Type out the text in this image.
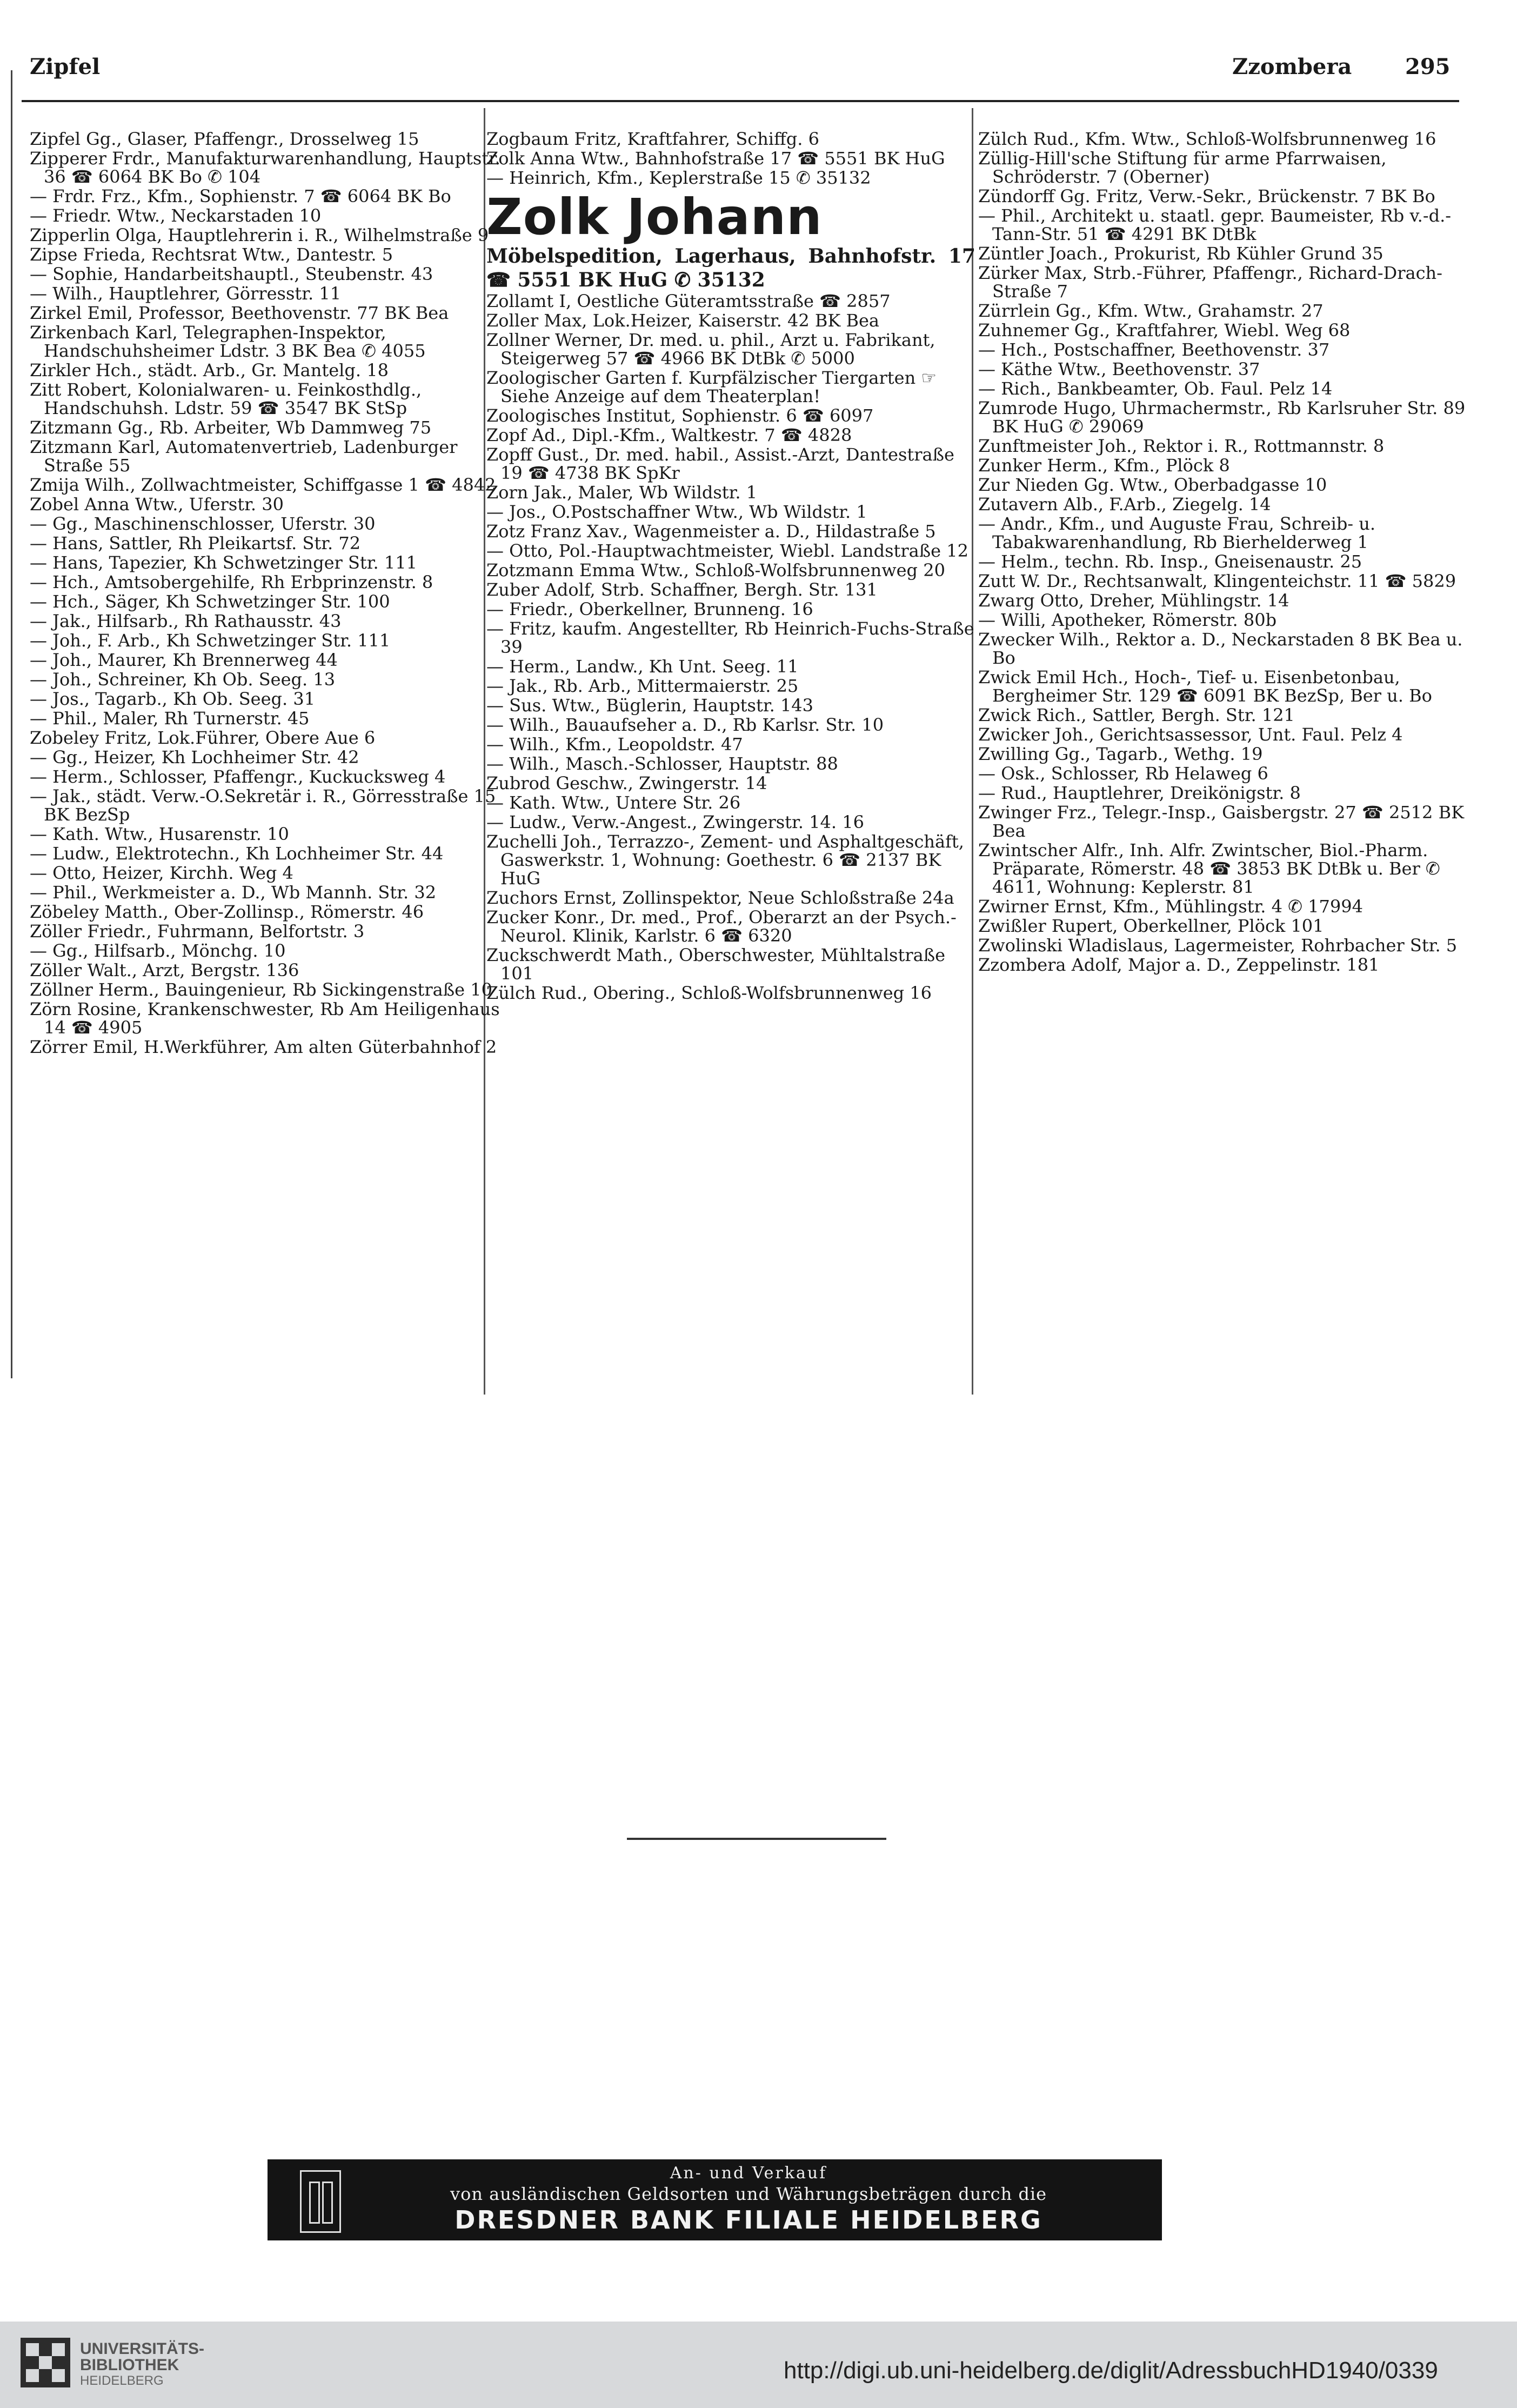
Zipfel	Zzombera 295
Zipfel Gg., Glaser, Pfaffengr., Drosselweg 15
Zipperer Frdr., Manufakturwarenhandlung, Hauptstr. 36 ☎ 6064 BK Bo ✆ 104
— Frdr. Frz., Kfm., Sophienstr. 7 ☎ 6064 BK Bo
— Friedr. Wtw., Neckarstaden 10
Zipperlin Olga, Hauptlehrerin i. R., Wilhelmstraße 9
Zipse Frieda, Rechtsrat Wtw., Dantestr. 5
— Sophie, Handarbeitshauptl., Steubenstr. 43
— Wilh., Hauptlehrer, Görresstr. 11
Zirkel Emil, Professor, Beethovenstr. 77 BK Bea
Zirkenbach Karl, Telegraphen-Inspektor, Handschuhsheimer Ldstr. 3 BK Bea ✆ 4055
Zirkler Hch., städt. Arb., Gr. Mantelg. 18
Zitt Robert, Kolonialwaren- u. Feinkosthdlg., Handschuhsh. Ldstr. 59 ☎ 3547 BK StSp
Zitzmann Gg., Rb. Arbeiter, Wb Dammweg 75
Zitzmann Karl, Automatenvertrieb, Ladenburger Straße 55
Zmija Wilh., Zollwachtmeister, Schiffgasse 1 ☎ 4842
Zobel Anna Wtw., Uferstr. 30
— Gg., Maschinenschlosser, Uferstr. 30
— Hans, Sattler, Rh Pleikartsf. Str. 72
— Hans, Tapezier, Kh Schwetzinger Str. 111
— Hch., Amtsobergehilfe, Rh Erbprinzenstr. 8
— Hch., Säger, Kh Schwetzinger Str. 100
— Jak., Hilfsarb., Rh Rathausstr. 43
— Joh., F. Arb., Kh Schwetzinger Str. 111
— Joh., Maurer, Kh Brennerweg 44
— Joh., Schreiner, Kh Ob. Seeg. 13
— Jos., Tagarb., Kh Ob. Seeg. 31
— Phil., Maler, Rh Turnerstr. 45
Zobeley Fritz, Lok.Führer, Obere Aue 6
— Gg., Heizer, Kh Lochheimer Str. 42
— Herm., Schlosser, Pfaffengr., Kuckucksweg 4
— Jak., städt. Verw.-O.Sekretär i. R., Görresstraße 15 BK BezSp
— Kath. Wtw., Husarenstr. 10
— Ludw., Elektrotechn., Kh Lochheimer Str. 44
— Otto, Heizer, Kirchh. Weg 4
— Phil., Werkmeister a. D., Wb Mannh. Str. 32
Zöbeley Matth., Ober-Zollinsp., Römerstr. 46
Zöller Friedr., Fuhrmann, Belfortstr. 3
— Gg., Hilfsarb., Mönchg. 10
Zöller Walt., Arzt, Bergstr. 136
Zöllner Herm., Bauingenieur, Rb Sickingenstraße 10
Zörn Rosine, Krankenschwester, Rb Am Heiligenhaus 14 ☎ 4905
Zörrer Emil, H.Werkführer, Am alten Güterbahnhof 2
Zogbaum Fritz, Kraftfahrer, Schiffg. 6
Zolk Anna Wtw., Bahnhofstraße 17 ☎ 5551 BK HuG
— Heinrich, Kfm., Keplerstraße 15 ✆ 35132
Zolk Johann
Möbelspedition, Lagerhaus, Bahnhofstr. 17 ☎ 5551 BK HuG ✆ 35132
Zollamt I, Oestliche Güteramtsstraße ☎ 2857
Zoller Max, Lok.Heizer, Kaiserstr. 42 BK Bea
Zollner Werner, Dr. med. u. phil., Arzt u. Fabrikant, Steigerweg 57 ☎ 4966 BK DtBk ✆ 5000
Zoologischer Garten f. Kurpfälzischer Tiergarten ☞ Siehe Anzeige auf dem Theaterplan!
Zoologisches Institut, Sophienstr. 6 ☎ 6097
Zopf Ad., Dipl.-Kfm., Waltkestr. 7 ☎ 4828
Zopff Gust., Dr. med. habil., Assist.-Arzt, Dantestraße 19 ☎ 4738 BK SpKr
Zorn Jak., Maler, Wb Wildstr. 1
— Jos., O.Postschaffner Wtw., Wb Wildstr. 1
Zotz Franz Xav., Wagenmeister a. D., Hildastraße 5
— Otto, Pol.-Hauptwachtmeister, Wiebl. Landstraße 12
Zotzmann Emma Wtw., Schloß-Wolfsbrunnenweg 20
Zuber Adolf, Strb. Schaffner, Bergh. Str. 131
— Friedr., Oberkellner, Brunneng. 16
— Fritz, kaufm. Angestellter, Rb Heinrich-Fuchs-Straße 39
— Herm., Landw., Kh Unt. Seeg. 11
— Jak., Rb. Arb., Mittermaierstr. 25
— Sus. Wtw., Büglerin, Hauptstr. 143
— Wilh., Bauaufseher a. D., Rb Karlsr. Str. 10
— Wilh., Kfm., Leopoldstr. 47
— Wilh., Masch.-Schlosser, Hauptstr. 88
Zubrod Geschw., Zwingerstr. 14
— Kath. Wtw., Untere Str. 26
— Ludw., Verw.-Angest., Zwingerstr. 14. 16
Zuchelli Joh., Terrazzo-, Zement- und Asphaltgeschäft, Gaswerkstr. 1, Wohnung: Goethestr. 6 ☎ 2137 BK HuG
Zuchors Ernst, Zollinspektor, Neue Schloßstraße 24a
Zucker Konr., Dr. med., Prof., Oberarzt an der Psych.-Neurol. Klinik, Karlstr. 6 ☎ 6320
Zuckschwerdt Math., Oberschwester, Mühltalstraße 101
Zülch Rud., Obering., Schloß-Wolfsbrunnenweg 16
Zülch Rud., Kfm. Wtw., Schloß-Wolfsbrunnenweg 16
Züllig-Hill'sche Stiftung für arme Pfarrwaisen, Schröderstr. 7 (Oberner)
Zündorff Gg. Fritz, Verw.-Sekr., Brückenstr. 7 BK Bo
— Phil., Architekt u. staatl. gepr. Baumeister, Rb v.-d.-Tann-Str. 51 ☎ 4291 BK DtBk
Züntler Joach., Prokurist, Rb Kühler Grund 35
Zürker Max, Strb.-Führer, Pfaffengr., Richard-Drach-Straße 7
Zürrlein Gg., Kfm. Wtw., Grahamstr. 27
Zuhnemer Gg., Kraftfahrer, Wiebl. Weg 68
— Hch., Postschaffner, Beethovenstr. 37
— Käthe Wtw., Beethovenstr. 37
— Rich., Bankbeamter, Ob. Faul. Pelz 14
Zumrode Hugo, Uhrmachermstr., Rb Karlsruher Str. 89 BK HuG ✆ 29069
Zunftmeister Joh., Rektor i. R., Rottmannstr. 8
Zunker Herm., Kfm., Plöck 8
Zur Nieden Gg. Wtw., Oberbadgasse 10
Zutavern Alb., F.Arb., Ziegelg. 14
— Andr., Kfm., und Auguste Frau, Schreib- u. Tabakwarenhandlung, Rb Bierhelderweg 1
— Helm., techn. Rb. Insp., Gneisenaustr. 25
Zutt W. Dr., Rechtsanwalt, Klingenteichstr. 11 ☎ 5829
Zwarg Otto, Dreher, Mühlingstr. 14
— Willi, Apotheker, Römerstr. 80b
Zwecker Wilh., Rektor a. D., Neckarstaden 8 BK Bea u. Bo
Zwick Emil Hch., Hoch-, Tief- u. Eisenbetonbau, Bergheimer Str. 129 ☎ 6091 BK BezSp, Ber u. Bo
Zwick Rich., Sattler, Bergh. Str. 121
Zwicker Joh., Gerichtsassessor, Unt. Faul. Pelz 4
Zwilling Gg., Tagarb., Wethg. 19
— Osk., Schlosser, Rb Helaweg 6
— Rud., Hauptlehrer, Dreikönigstr. 8
Zwinger Frz., Telegr.-Insp., Gaisbergstr. 27 ☎ 2512 BK Bea
Zwintscher Alfr., Inh. Alfr. Zwintscher, Biol.-Pharm. Präparate, Römerstr. 48 ☎ 3853 BK DtBk u. Ber ✆ 4611, Wohnung: Keplerstr. 81
Zwirner Ernst, Kfm., Mühlingstr. 4 ✆ 17994
Zwißler Rupert, Oberkellner, Plöck 101
Zwolinski Wladislaus, Lagermeister, Rohrbacher Str. 5
Zzombera Adolf, Major a. D., Zeppelinstr. 181
An- und Verkauf
von ausländischen Geldsorten und Währungsbeträgen durch die
DRESDNER BANK FILIALE HEIDELBERG
UNIVERSITÄTS-
BIBLIOTHEK
HEIDELBERG	http://digi.ub.uni-heidelberg.de/diglit/AdressbuchHD1940/0339
